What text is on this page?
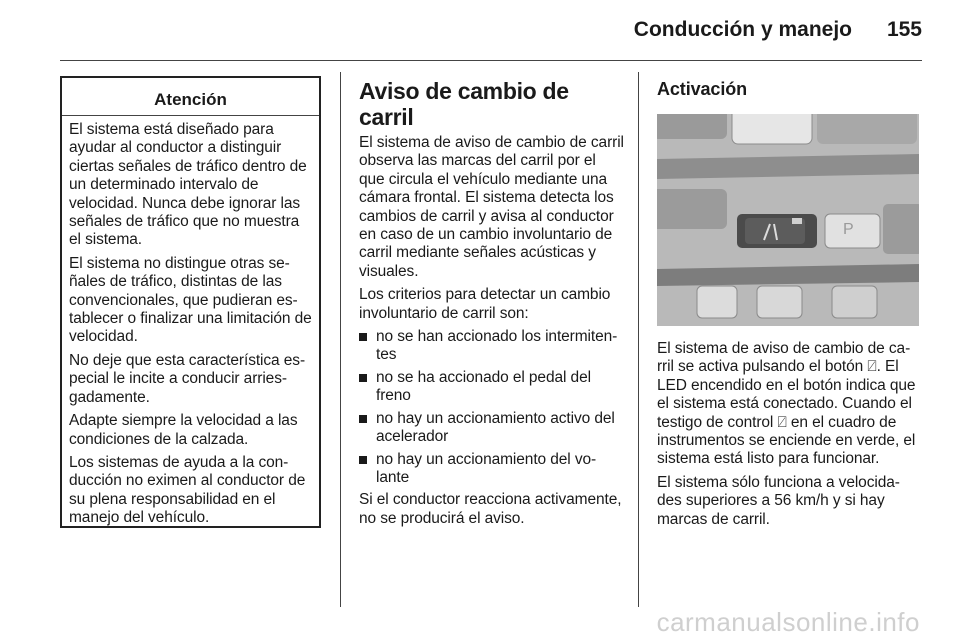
Conducción y manejo 155
Atención

El sistema está diseñado para ayudar al conductor a distinguir ciertas señales de tráfico dentro de un determinado intervalo de velocidad. Nunca debe ignorar las señales de tráfico que no muestra el sistema.

El sistema no distingue otras señales de tráfico, distintas de las convencionales, que pudieran establecer o finalizar una limitación de velocidad.

No deje que esta característica especial le incite a conducir arriesgadamente.

Adapte siempre la velocidad a las condiciones de la calzada.

Los sistemas de ayuda a la conducción no eximen al conductor de su plena responsabilidad en el manejo del vehículo.

Aviso de cambio de carril

El sistema de aviso de cambio de carril observa las marcas del carril por el que circula el vehículo mediante una cámara frontal. El sistema detecta los cambios de carril y avisa al conductor en caso de un cambio involuntario de carril mediante señales acústicas y visuales.

Los criterios para detectar un cambio involuntario de carril son:

no se han accionado los intermitentes
no se ha accionado el pedal del freno
no hay un accionamiento activo del acelerador
no hay un accionamiento del volante

Si el conductor reacciona activamente, no se producirá el aviso.

Activación
P

El sistema de aviso de cambio de carril se activa pulsando el botón ⍁. El LED encendido en el botón indica que el sistema está conectado. Cuando el testigo de control ⍁ en el cuadro de instrumentos se enciende en verde, el sistema está listo para funcionar.

El sistema sólo funciona a velocidades superiores a 56 km/h y si hay marcas de carril.

carmanualsonline.info
